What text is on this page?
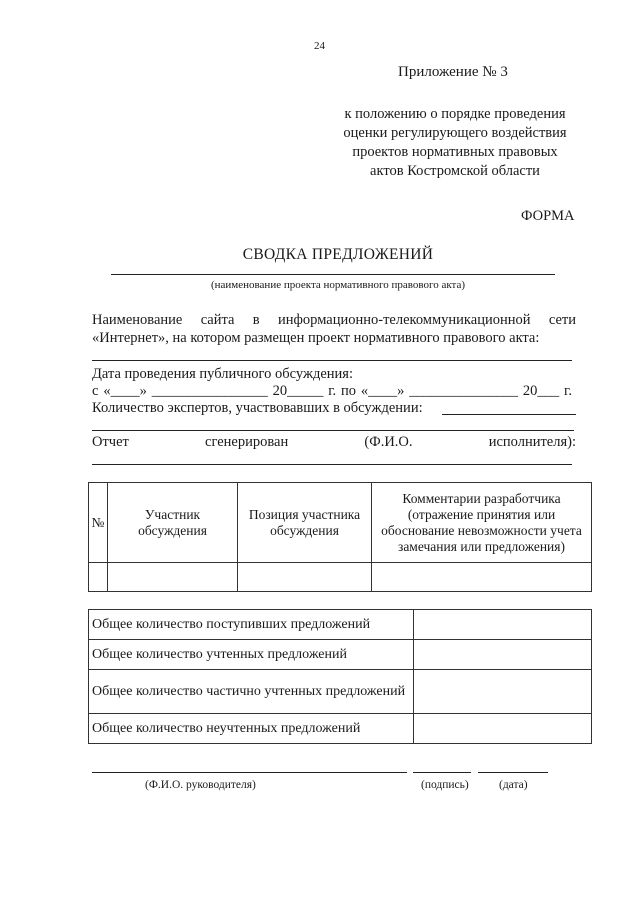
24
Приложение № 3
к положению о порядке проведения
оценки регулирующего воздействия
проектов нормативных правовых
актов Костромской области
ФОРМА
СВОДКА ПРЕДЛОЖЕНИЙ
(наименование проекта нормативного правового акта)
Наименование сайта в информационно-телекоммуникационной сети
«Интернет», на котором размещен проект нормативного правового акта:
Дата проведения публичного обсуждения:
с «____» ________________ 20_____ г. по «____» _______________ 20___ г.
Количество экспертов, участвовавших в обсуждении:
Отчет	сгенерирован	(Ф.И.О.	исполнителя):
№	Участник обсуждения	Позиция участника обсуждения	Комментарии разработчика (отражение принятия или обоснование невозможности учета замечания или предложения)

Общее количество поступивших предложений	
Общее количество учтенных предложений	
Общее количество частично учтенных предложений	
Общее количество неучтенных предложений	
(Ф.И.О. руководителя)	(подпись)	(дата)
